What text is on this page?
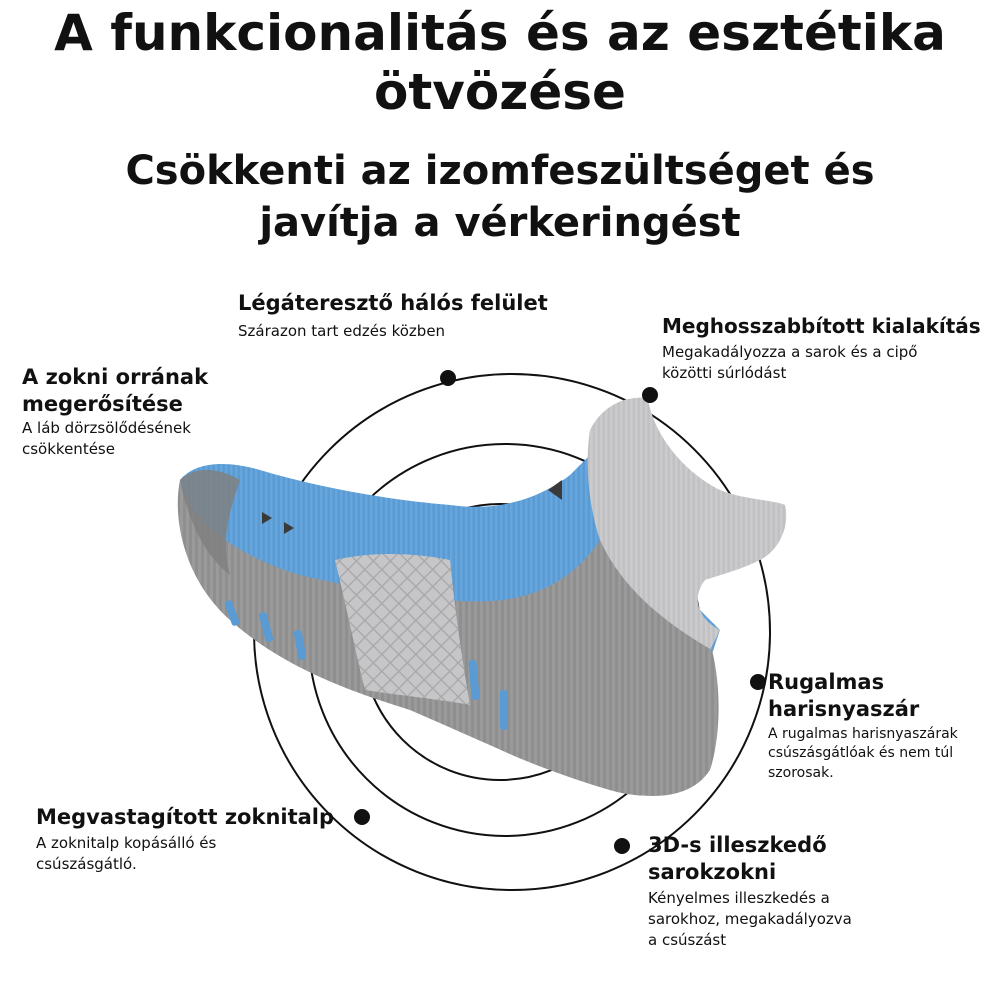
A funkcionalitás és az esztétika
ötvözése
Csökkenti az izomfeszültséget és
javítja a vérkeringést
Légáteresztő hálós felület
Szárazon tart edzés közben	Meghosszabbított kialakítás
Megakadályozza a sarok és a cipő
közötti súrlódást
A zokni orrának
megerősítése
A láb dörzsölődésének
csökkentése
Rugalmas
harisnyaszár
A rugalmas harisnyaszárak
csúszásgátlóak és nem túl
szorosak.
Megvastagított zoknitalp
A zoknitalp kopásálló és
csúszásgátló.
3D-s illeszkedő
sarokzokni
Kényelmes illeszkedés a
sarokhoz, megakadályozva
a csúszást
